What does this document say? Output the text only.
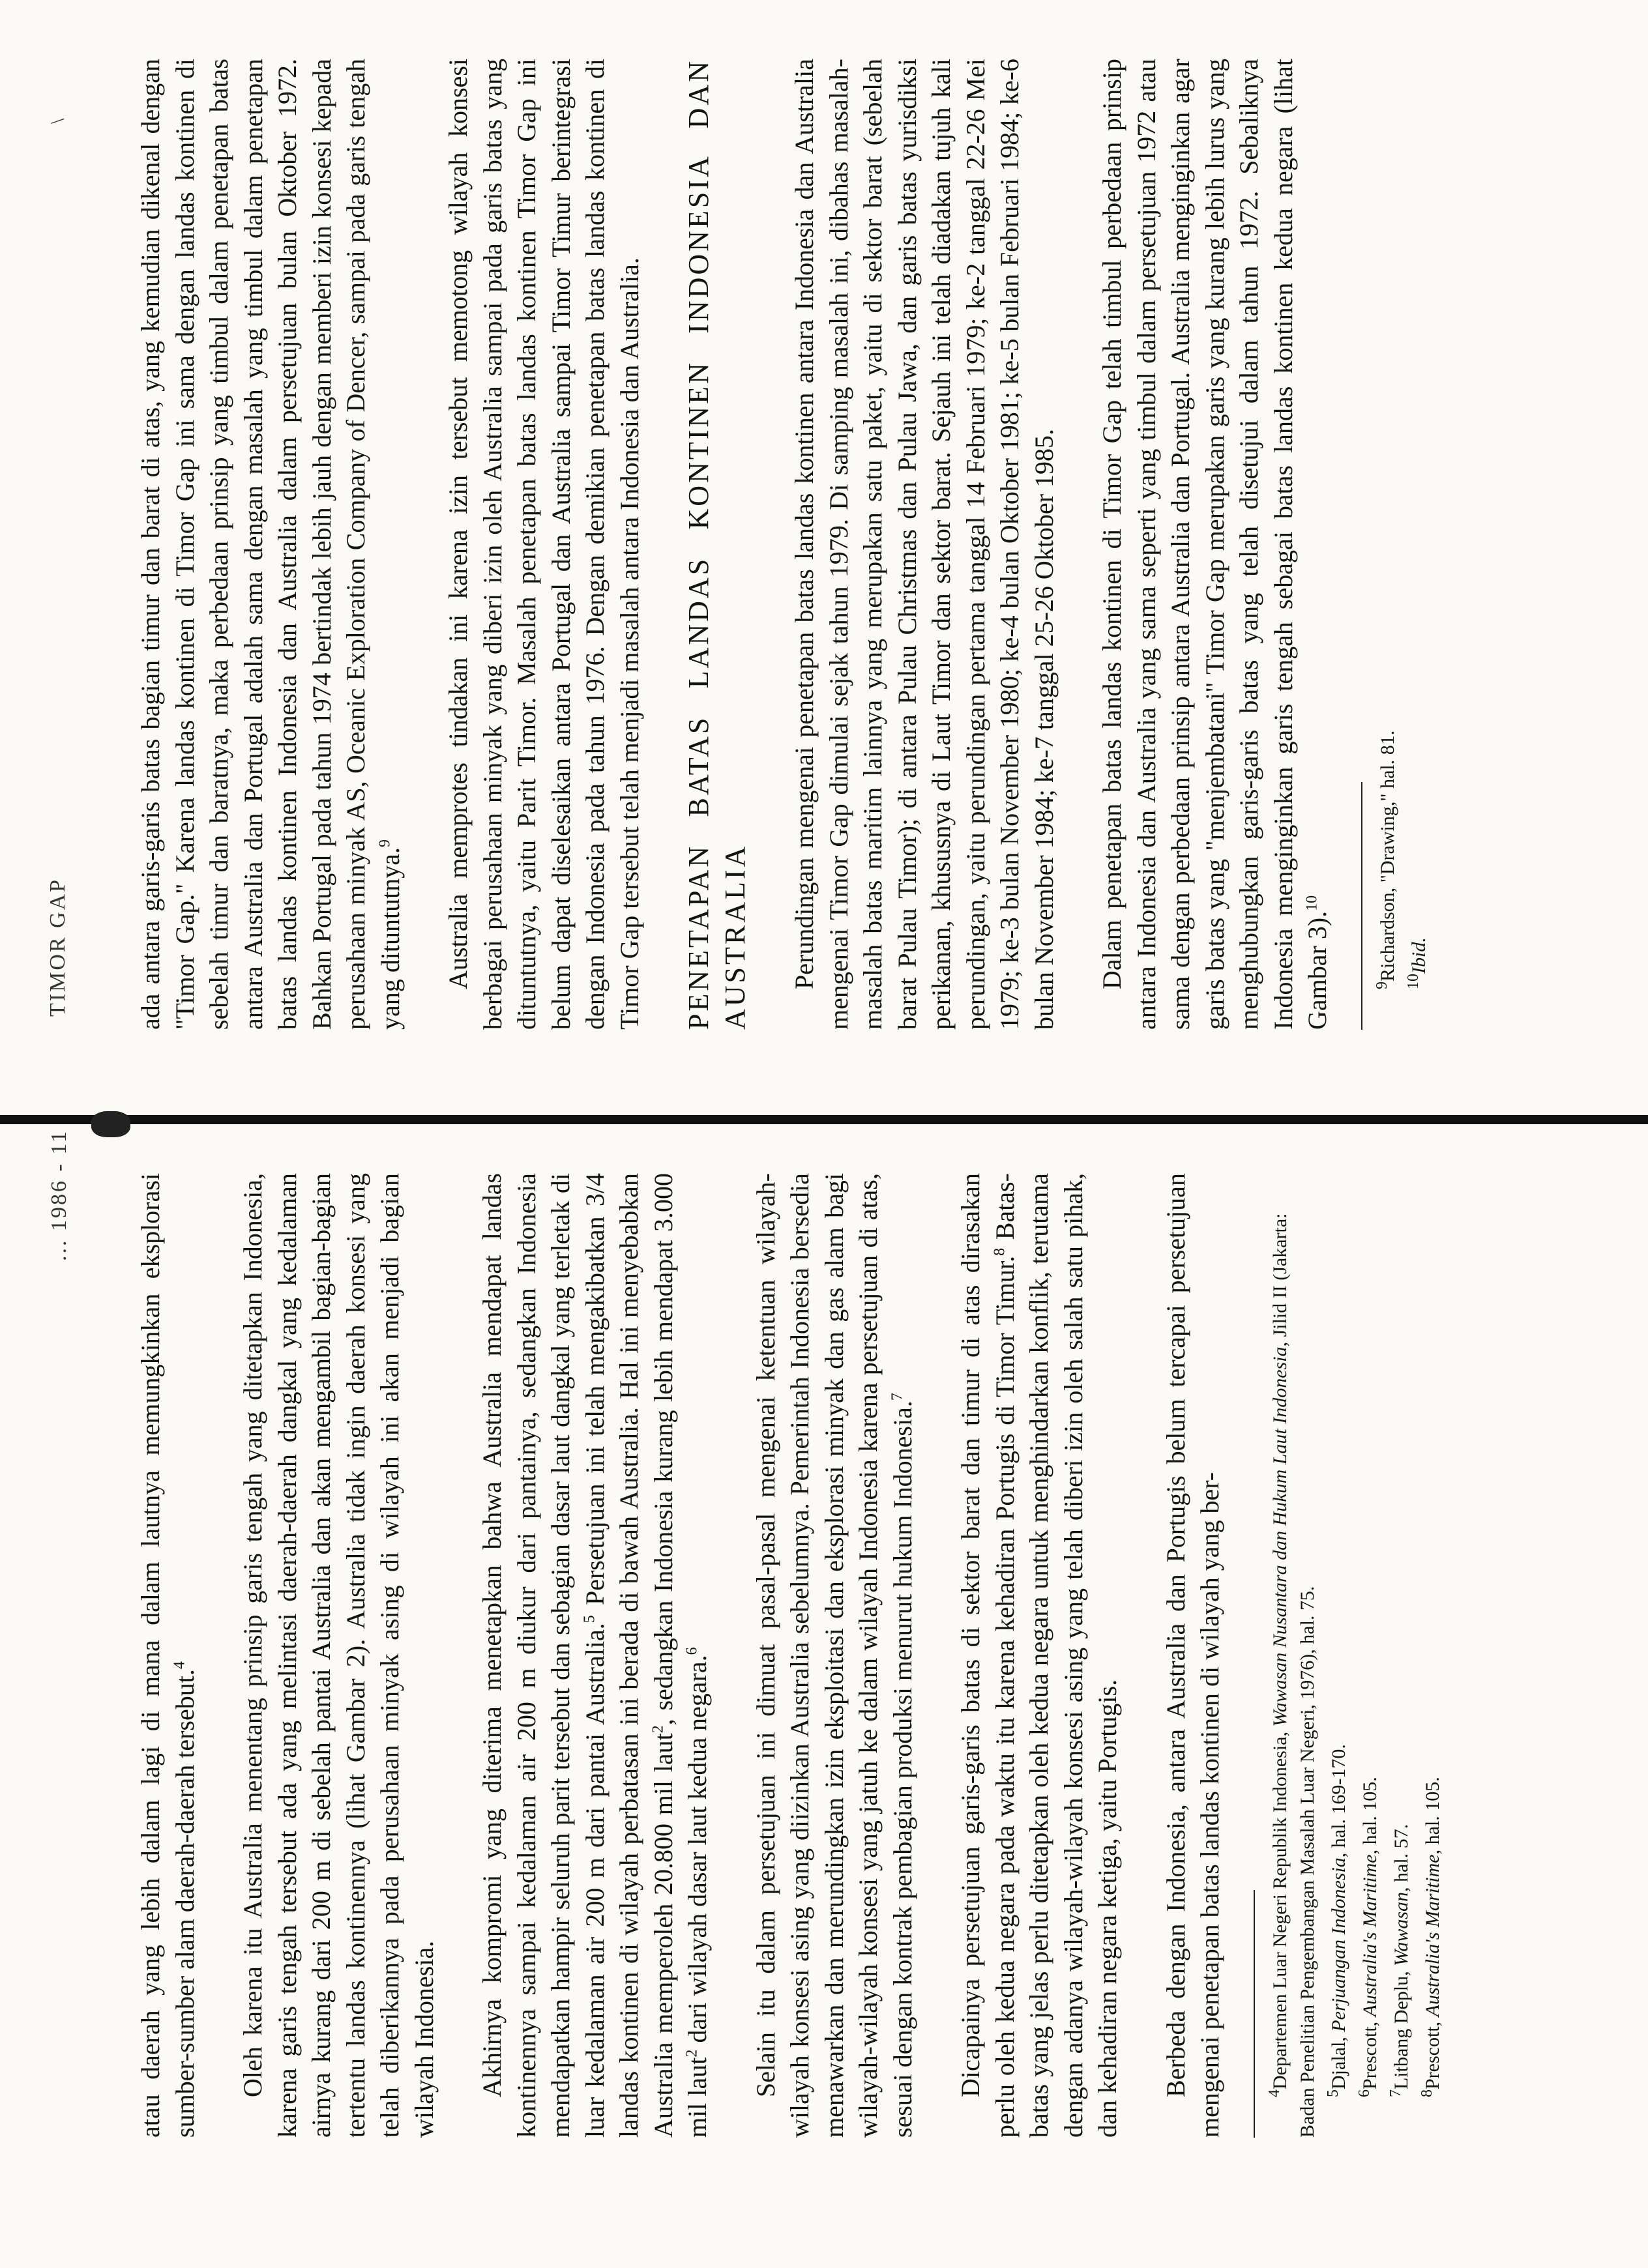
... 1986 - 11
TIMOR GAP
\

atau daerah yang lebih dalam lagi di mana dalam lautnya memungkinkan eksplorasi sumber-sumber alam daerah-daerah tersebut.$^4$	Oleh karena itu Australia menentang prinsip garis tengah yang ditetapkan Indonesia, karena garis tengah tersebut ada yang melintasi daerah-daerah dangkal yang kedalaman airnya kurang dari 200 m di sebelah pantai Australia dan akan mengambil bagian-bagian tertentu landas kontinennya (lihat Gambar 2). Australia tidak ingin daerah konsesi yang telah diberikannya pada perusahaan minyak asing di wilayah ini akan menjadi bagian wilayah Indonesia. Akhirnya kompromi yang diterima menetapkan bahwa Australia mendapat landas kontinennya sampai kedalaman air 200 m diukur dari pantainya, sedangkan Indonesia mendapatkan hampir seluruh parit tersebut dan sebagian dasar laut dangkal yang terletak di luar kedalaman air 200 m dari pantai Australia.$^5$ Persetujuan ini telah mengakibatkan 3/4 landas kontinen di wilayah perbatasan ini berada di bawah Australia. Hal ini menyebabkan Australia memperoleh 20.800 mil laut$^2$, sedangkan Indonesia kurang lebih mendapat 3.000 mil laut$^2$ dari wilayah dasar laut kedua negara.$^6$	Selain itu dalam persetujuan ini dimuat pasal-pasal mengenai ketentuan wilayah-wilayah konsesi asing yang diizinkan Australia sebelumnya. Pemerintah Indonesia bersedia menawarkan dan merundingkan izin eksploitasi dan eksplorasi minyak dan gas alam bagi wilayah-wilayah konsesi yang jatuh ke dalam wilayah Indonesia karena persetujuan di atas, sesuai dengan kontrak pembagian produksi menurut hukum Indonesia.$^7$	Dicapainya persetujuan garis-garis batas di sektor barat dan timur di atas dirasakan perlu oleh kedua negara pada waktu itu karena kehadiran Portugis di Timor Timur.$^8$ Batas-batas yang jelas perlu ditetapkan oleh kedua negara untuk menghindarkan konflik, terutama dengan adanya wilayah-wilayah konsesi asing yang telah diberi izin oleh salah satu pihak, dan kehadiran negara ketiga, yaitu Portugis. Berbeda dengan Indonesia, antara Australia dan Portugis belum tercapai persetujuan mengenai penetapan batas landas kontinen di wilayah yang ber-	$^4$Departemen Luar Negeri Republik Indonesia, Wawasan Nusantara dan Hukum Laut Indonesia, Jilid II (Jakarta: Badan Penelitian Pengembangan Masalah Luar Negeri, 1976), hal. 75. $^5$Djalal, Perjuangan Indonesia, hal. 169-170.

$^6$Prescott, Australia's Maritime, hal. 105.

$^7$Litbang Deplu, Wawasan, hal. 57.

$^8$Prescott, Australia's Maritime, hal. 105.

ada antara garis-garis batas bagian timur dan barat di atas, yang kemudian dikenal dengan "Timor Gap." Karena landas kontinen di Timor Gap ini sama dengan landas kontinen di sebelah timur dan baratnya, maka perbedaan prinsip yang timbul dalam penetapan batas antara Australia dan Portugal adalah sama dengan masalah yang timbul dalam penetapan batas landas kontinen Indonesia dan Australia dalam persetujuan bulan Oktober 1972. Bahkan Portugal pada tahun 1974 bertindak lebih jauh dengan memberi izin konsesi kepada perusahaan minyak AS, Oceanic Exploration Company of Dencer, sampai pada garis tengah yang dituntutnya.$^9$	Australia memprotes tindakan ini karena izin tersebut memotong wilayah konsesi berbagai perusahaan minyak yang diberi izin oleh Australia sampai pada garis batas yang dituntutnya, yaitu Parit Timor. Masalah penetapan batas landas kontinen Timor Gap ini belum dapat diselesaikan antara Portugal dan Australia sampai Timor Timur berintegrasi dengan Indonesia pada tahun 1976. Dengan demikian penetapan batas landas kontinen di Timor Gap tersebut telah menjadi masalah antara Indonesia dan Australia. PENETAPAN BATAS LANDAS KONTINEN INDONESIA DAN AUSTRALIA Perundingan mengenai penetapan batas landas kontinen antara Indonesia dan Australia mengenai Timor Gap dimulai sejak tahun 1979. Di samping masalah ini, dibahas masalah-masalah batas maritim lainnya yang merupakan satu paket, yaitu di sektor barat (sebelah barat Pulau Timor); di antara Pulau Christmas dan Pulau Jawa, dan garis batas yurisdiksi perikanan, khususnya di Laut Timor dan sektor barat. Sejauh ini telah diadakan tujuh kali perundingan, yaitu perundingan pertama tanggal 14 Februari 1979; ke-2 tanggal 22-26 Mei 1979; ke-3 bulan November 1980; ke-4 bulan Oktober 1981; ke-5 bulan Februari 1984; ke-6 bulan November 1984; ke-7 tanggal 25-26 Oktober 1985. Dalam penetapan batas landas kontinen di Timor Gap telah timbul perbedaan prinsip antara Indonesia dan Australia yang sama seperti yang timbul dalam persetujuan 1972 atau sama dengan perbedaan prinsip antara Australia dan Portugal. Australia menginginkan agar garis batas yang "menjembatani" Timor Gap merupakan garis yang kurang lebih lurus yang menghubungkan garis-garis batas yang telah disetujui dalam tahun 1972. Sebaliknya Indonesia menginginkan garis tengah sebagai batas landas kontinen kedua negara (lihat Gambar 3).$^{10}$

$^9$Richardson, "Drawing," hal. 81. $^{10}$Ibid.
